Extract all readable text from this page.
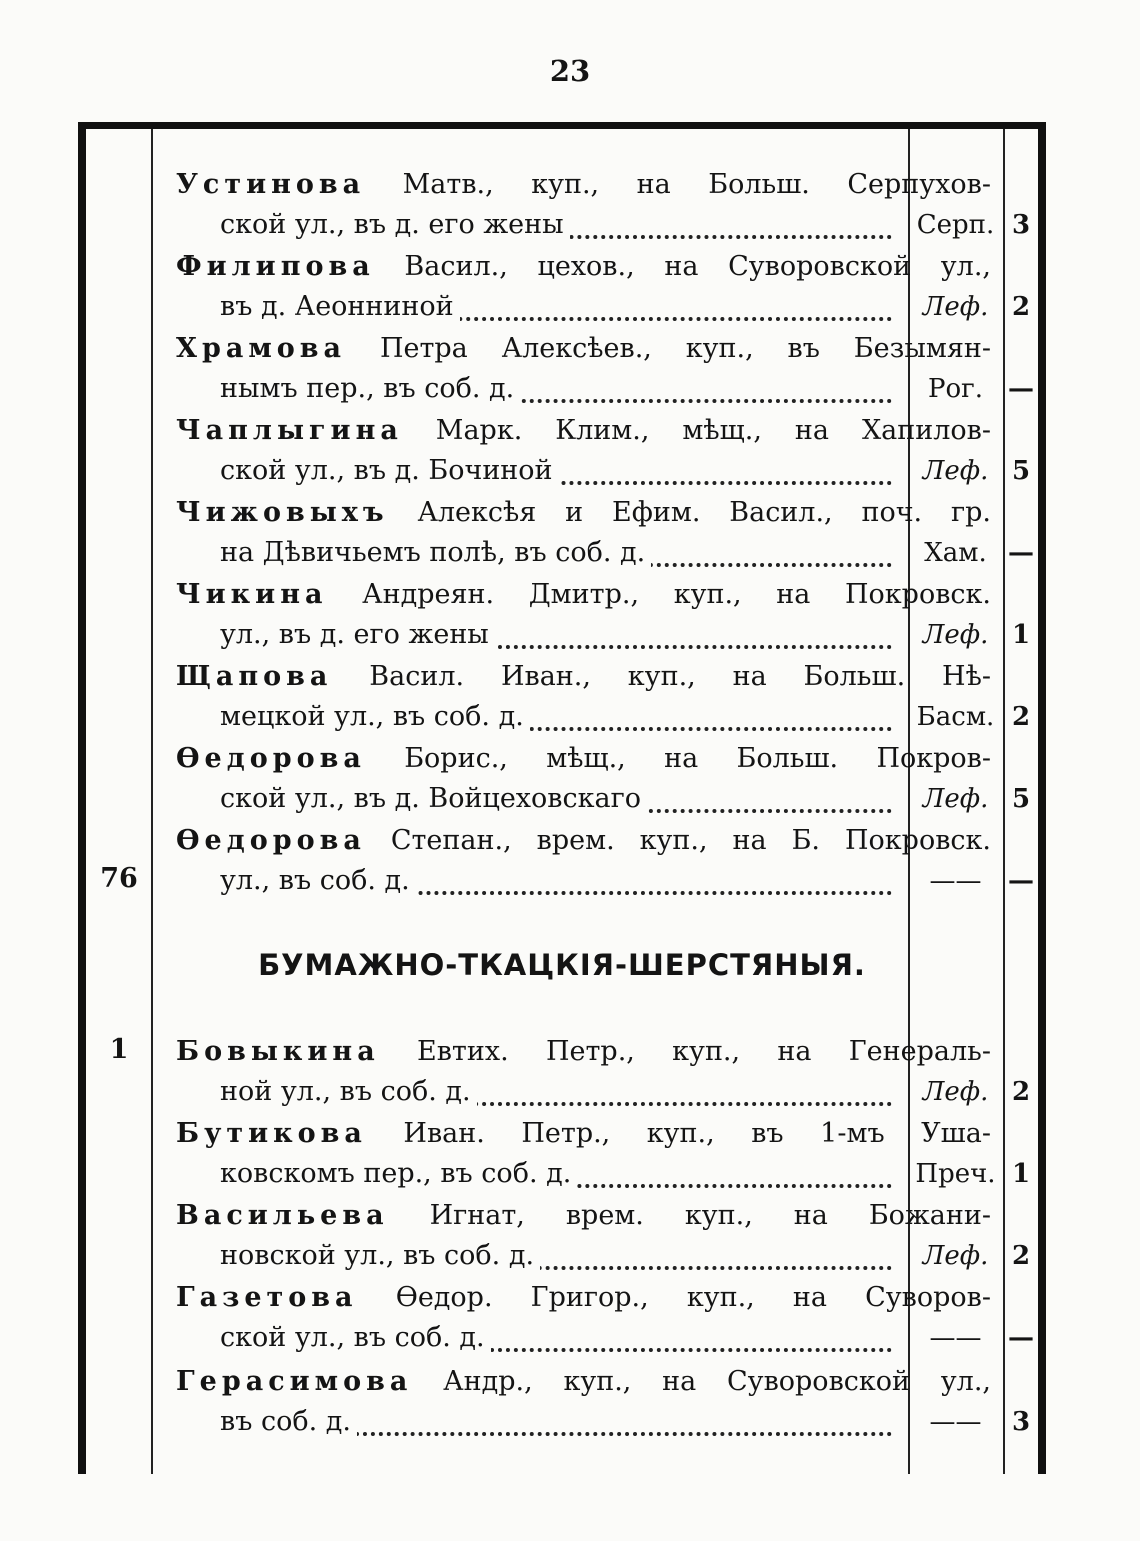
23
Устинова Матв., куп., на Больш. Серпухов-
ской ул., въ д. его жены	Серп. 3
Филипова Васил., цехов., на Суворовской ул.,
въ д. Аеонниной	Леф. 2
Храмова Петра Алексѣев., куп., въ Безымян-
нымъ пер., въ соб. д.	Рог. —
Чаплыгина Марк. Клим., мѣщ., на Хапилов-
ской ул., въ д. Бочиной	Леф. 5
Чижовыхъ Алексѣя и Ефим. Васил., поч. гр.
на Дѣвичьемъ полѣ, въ соб. д.	Хам. —
Чикина Андреян. Дмитр., куп., на Покровск.
ул., въ д. его жены	Леф. 1
Щапова Васил. Иван., куп., на Больш. Нѣ-
мецкой ул., въ соб. д.	Басм. 2
Өедорова Борис., мѣщ., на Больш. Покров-
ской ул., въ д. Войцеховскаго	Леф. 5
76
Өедорова Степан., врем. куп., на Б. Покровск.
ул., въ соб. д.	——	—
1	Бовыкина Евтих. Петр., куп., на Генераль-
ной ул., въ соб. д.	Леф. 2
Бутикова Иван. Петр., куп., въ 1-мъ Ушa-
ковскомъ пер., въ соб. д.	Преч. 1
Васильева Игнат, врем. куп., на Божани-
новской ул., въ соб. д.	Леф. 2
Газетова Өедор. Григор., куп., на Суворов-
ской ул., въ соб. д.	——	—
Герасимова Андр., куп., на Суворовской ул.,
въ соб. д.	——	3
БУМАЖНО-ТКАЦКІЯ-ШЕРСТЯНЫЯ.
